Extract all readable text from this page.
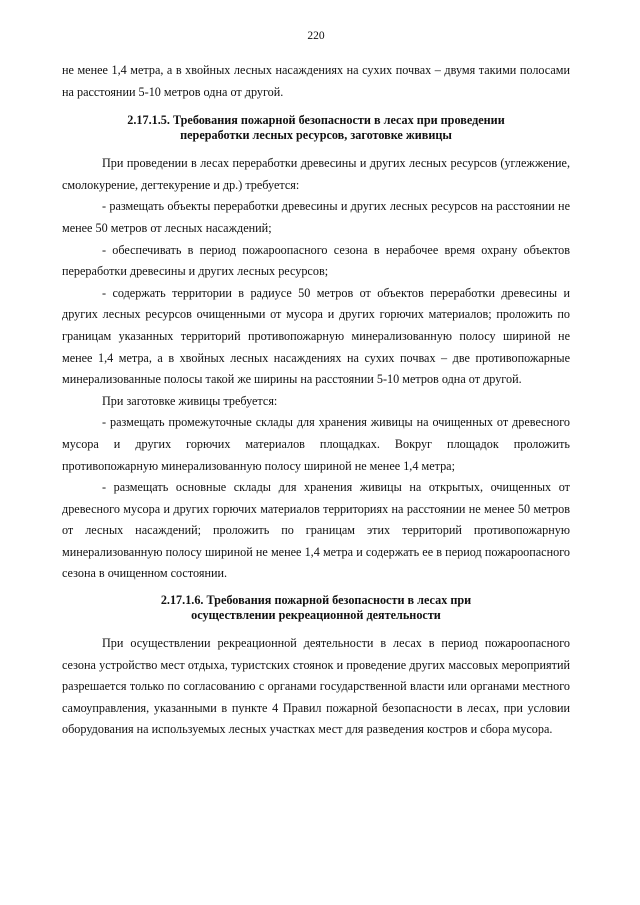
220

не менее 1,4 метра, а в хвойных лесных насаждениях на сухих почвах – двумя такими полосами на расстоянии 5-10 метров одна от другой.

2.17.1.5. Требования пожарной безопасности в лесах при проведении
переработки лесных ресурсов, заготовке живицы

При проведении в лесах переработки древесины и других лесных ресурсов (углежжение, смолокурение, дегтекурение и др.) требуется:

- размещать объекты переработки древесины и других лесных ресурсов на расстоянии не менее 50 метров от лесных насаждений;

- обеспечивать в период пожароопасного сезона в нерабочее время охрану объектов переработки древесины и других лесных ресурсов;

- содержать территории в радиусе 50 метров от объектов переработки древесины и других лесных ресурсов очищенными от мусора и других горючих материалов; проложить по границам указанных территорий противопожарную минерализованную полосу шириной не менее 1,4 метра, а в хвойных лесных насаждениях на сухих почвах – две противопожарные минерализованные полосы такой же ширины на расстоянии 5-10 метров одна от другой.

При заготовке живицы требуется:

- размещать промежуточные склады для хранения живицы на очищенных от древесного мусора и других горючих материалов площадках. Вокруг площадок проложить противопожарную минерализованную полосу шириной не менее 1,4 метра;

- размещать основные склады для хранения живицы на открытых, очищенных от древесного мусора и других горючих материалов территориях на расстоянии не менее 50 метров от лесных насаждений; проложить по границам этих территорий противопожарную минерализованную полосу шириной не менее 1,4 метра и содержать ее в период пожароопасного сезона в очищенном состоянии.

2.17.1.6. Требования пожарной безопасности в лесах при
осуществлении рекреационной деятельности

При осуществлении рекреационной деятельности в лесах в период пожароопасного сезона устройство мест отдыха, туристских стоянок и проведение других массовых мероприятий разрешается только по согласованию с органами государственной власти или органами местного самоуправления, указанными в пункте 4 Правил пожарной безопасности в лесах, при условии оборудования на используемых лесных участках мест для разведения костров и сбора мусора.
